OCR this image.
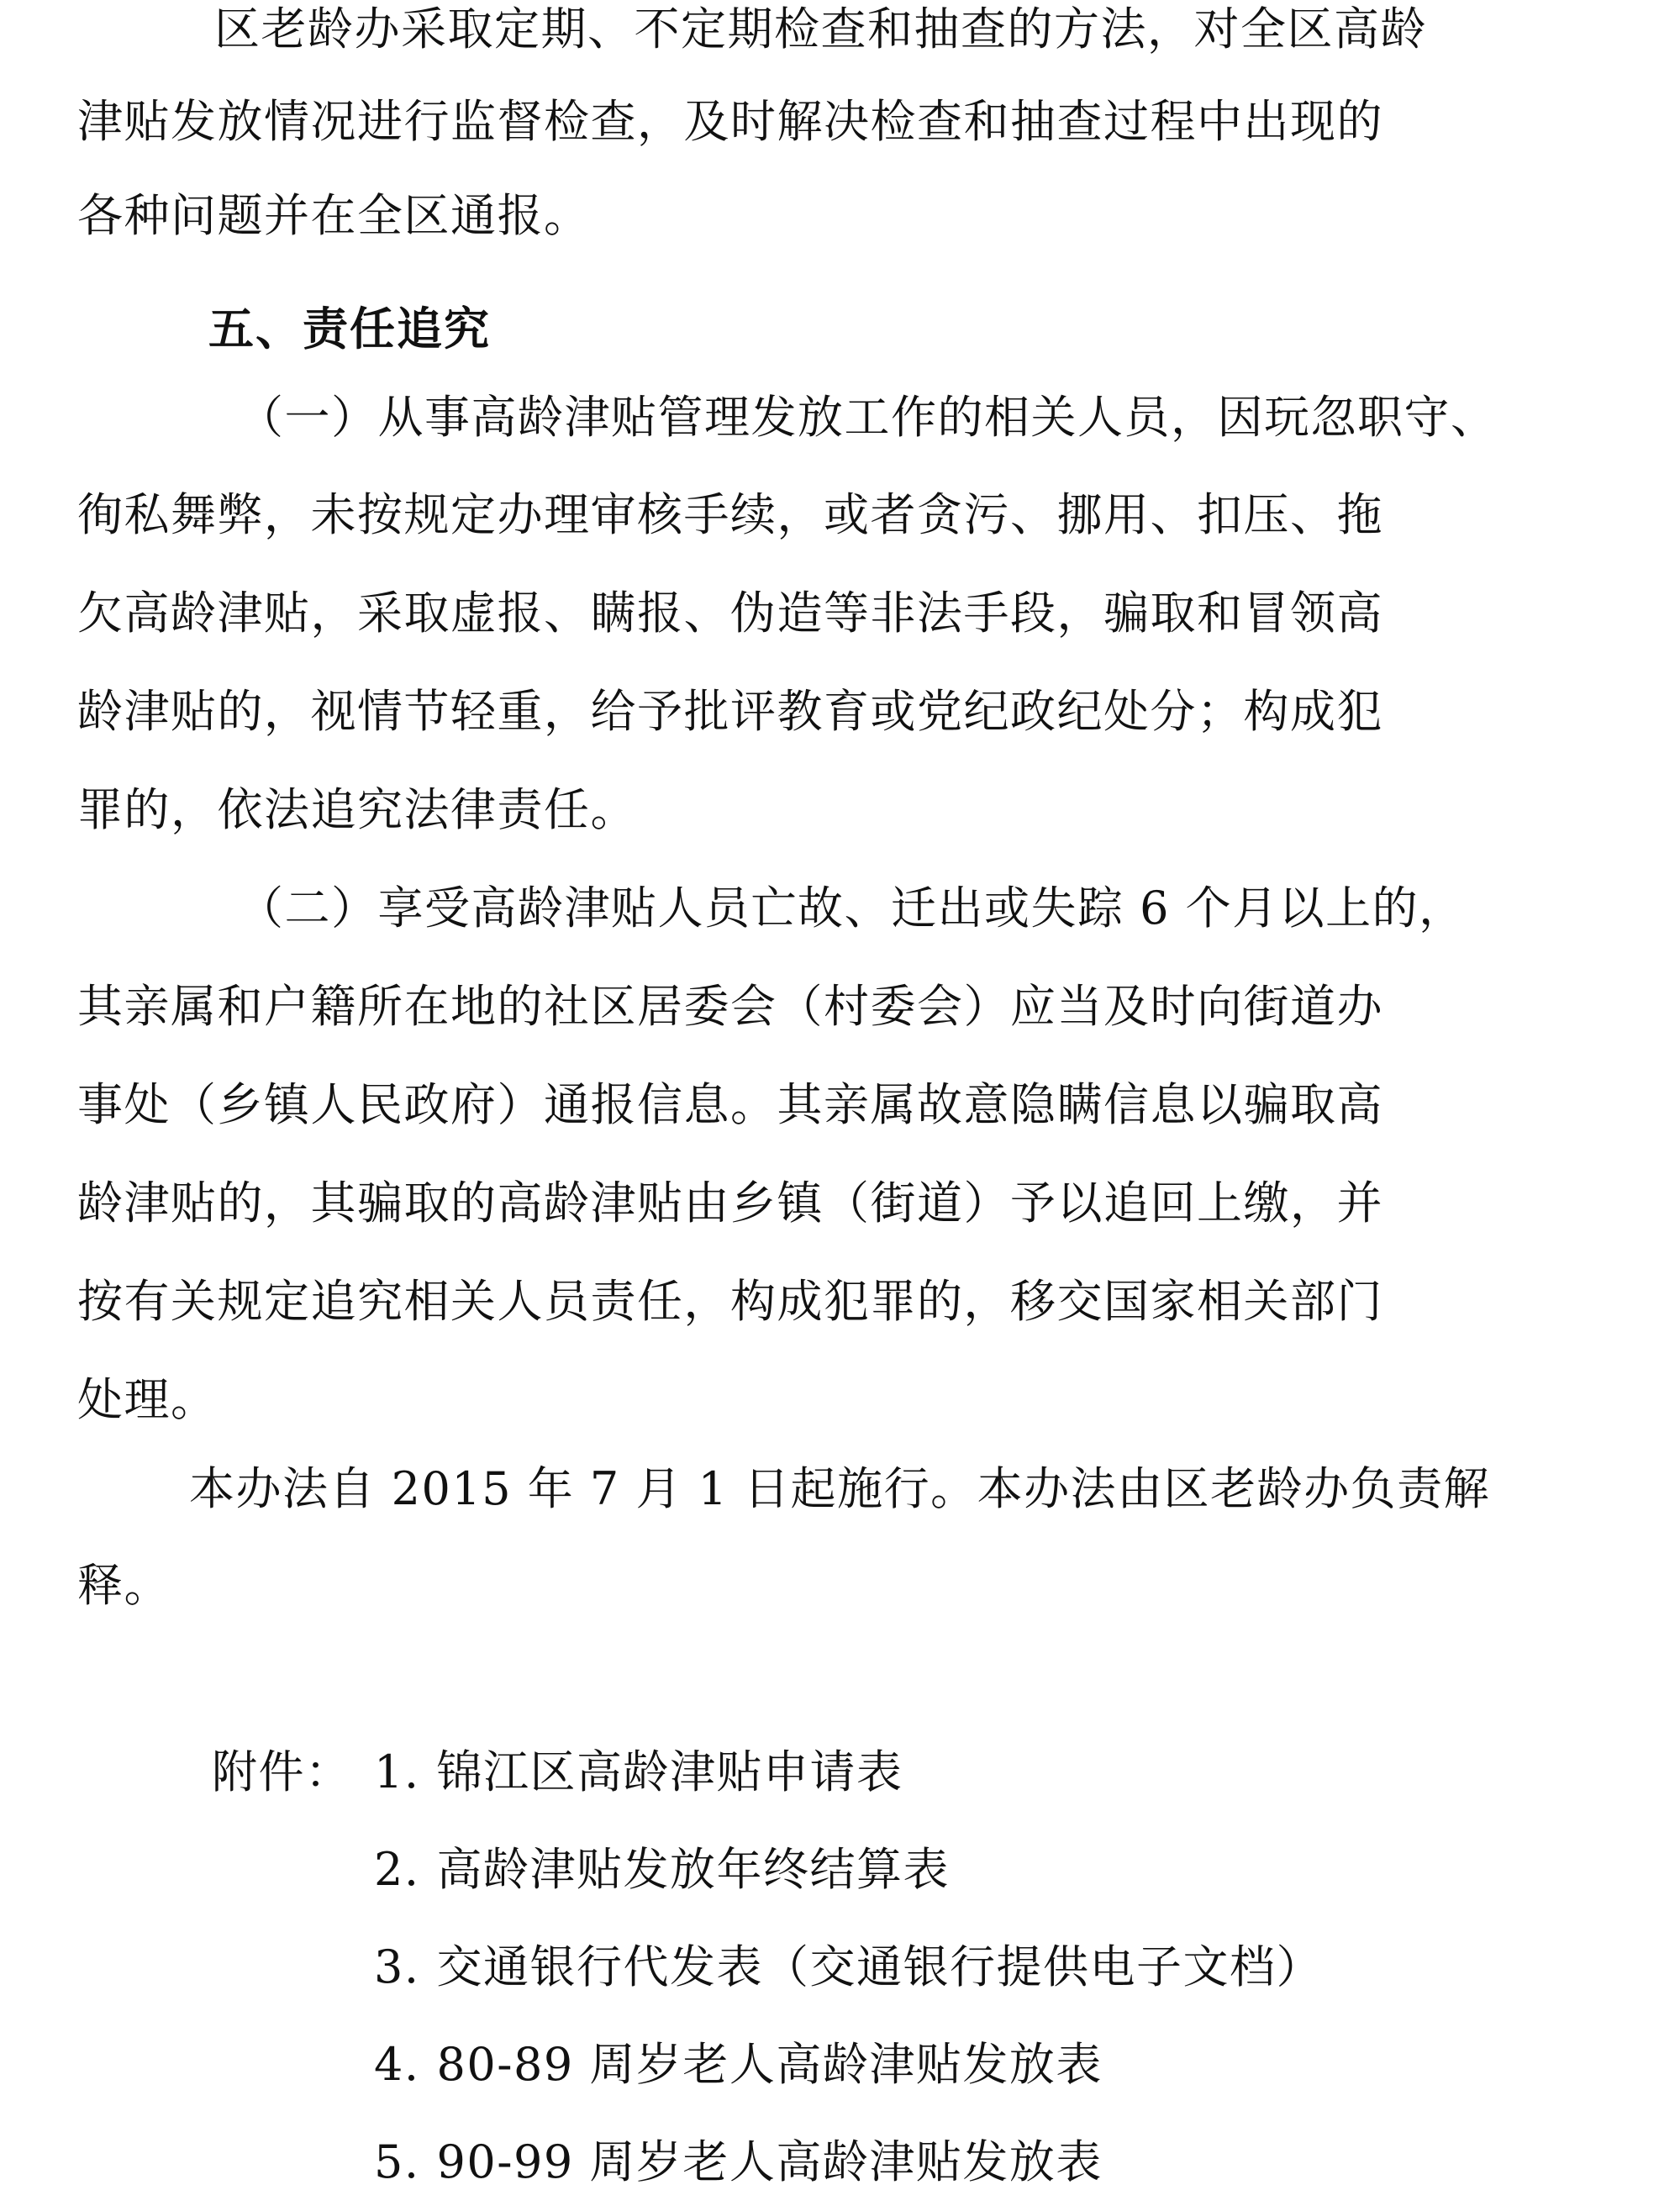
区老龄办采取定期、不定期检查和抽查的方法，对全区高龄
津贴发放情况进行监督检查，及时解决检查和抽查过程中出现的
各种问题并在全区通报。
五、责任追究
（一）从事高龄津贴管理发放工作的相关人员，因玩忽职守、
徇私舞弊，未按规定办理审核手续，或者贪污、挪用、扣压、拖
欠高龄津贴，采取虚报、瞒报、伪造等非法手段，骗取和冒领高
龄津贴的，视情节轻重，给予批评教育或党纪政纪处分；构成犯
罪的，依法追究法律责任。
（二）享受高龄津贴人员亡故、迁出或失踪 6 个月以上的，
其亲属和户籍所在地的社区居委会（村委会）应当及时向街道办
事处（乡镇人民政府）通报信息。其亲属故意隐瞒信息以骗取高
龄津贴的，其骗取的高龄津贴由乡镇（街道）予以追回上缴，并
按有关规定追究相关人员责任，构成犯罪的，移交国家相关部门
处理。
本办法自 2015 年 7 月 1 日起施行。本办法由区老龄办负责解
释。
附件： 1. 锦江区高龄津贴申请表
2. 高龄津贴发放年终结算表
3. 交通银行代发表（交通银行提供电子文档）
4. 80-89 周岁老人高龄津贴发放表
5. 90-99 周岁老人高龄津贴发放表
